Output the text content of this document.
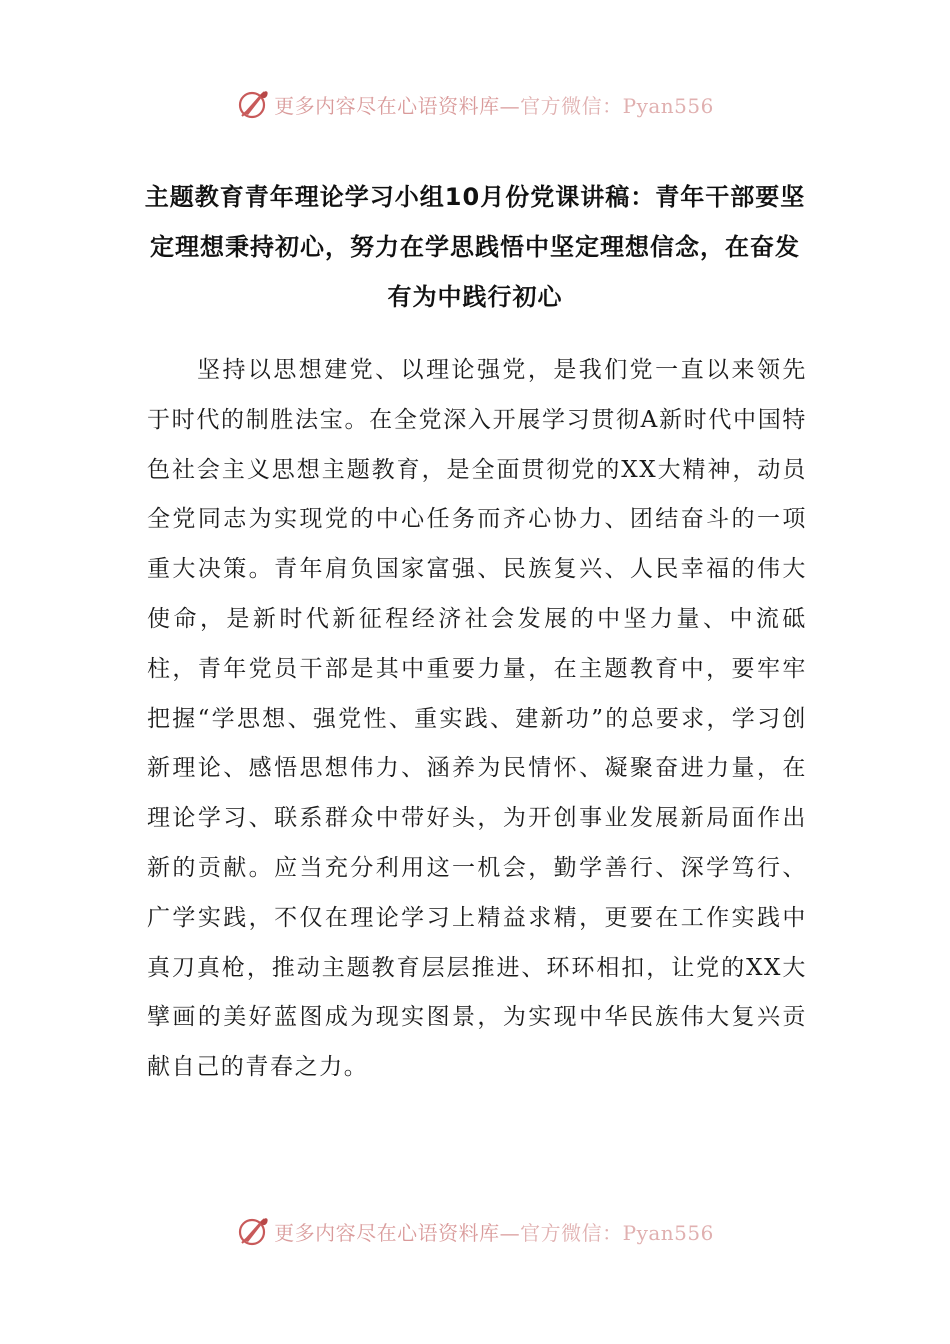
更多内容尽在心语资料库—官方微信：Pyan556
主题教育青年理论学习小组10月份党课讲稿：青年干部要坚定理想秉持初心，努力在学思践悟中坚定理想信念，在奋发有为中践行初心

坚持以思想建党、以理论强党，是我们党一直以来领先于时代的制胜法宝。在全党深入开展学习贯彻A新时代中国特色社会主义思想主题教育，是全面贯彻党的XX大精神，动员全党同志为实现党的中心任务而齐心协力、团结奋斗的一项重大决策。青年肩负国家富强、民族复兴、人民幸福的伟大使命，是新时代新征程经济社会发展的中坚力量、中流砥柱，青年党员干部是其中重要力量，在主题教育中，要牢牢把握“学思想、强党性、重实践、建新功”的总要求，学习创新理论、感悟思想伟力、涵养为民情怀、凝聚奋进力量，在理论学习、联系群众中带好头，为开创事业发展新局面作出新的贡献。应当充分利用这一机会，勤学善行、深学笃行、广学实践，不仅在理论学习上精益求精，更要在工作实践中真刀真枪，推动主题教育层层推进、环环相扣，让党的XX大擘画的美好蓝图成为现实图景，为实现中华民族伟大复兴贡献自己的青春之力。

更多内容尽在心语资料库—官方微信：Pyan556
